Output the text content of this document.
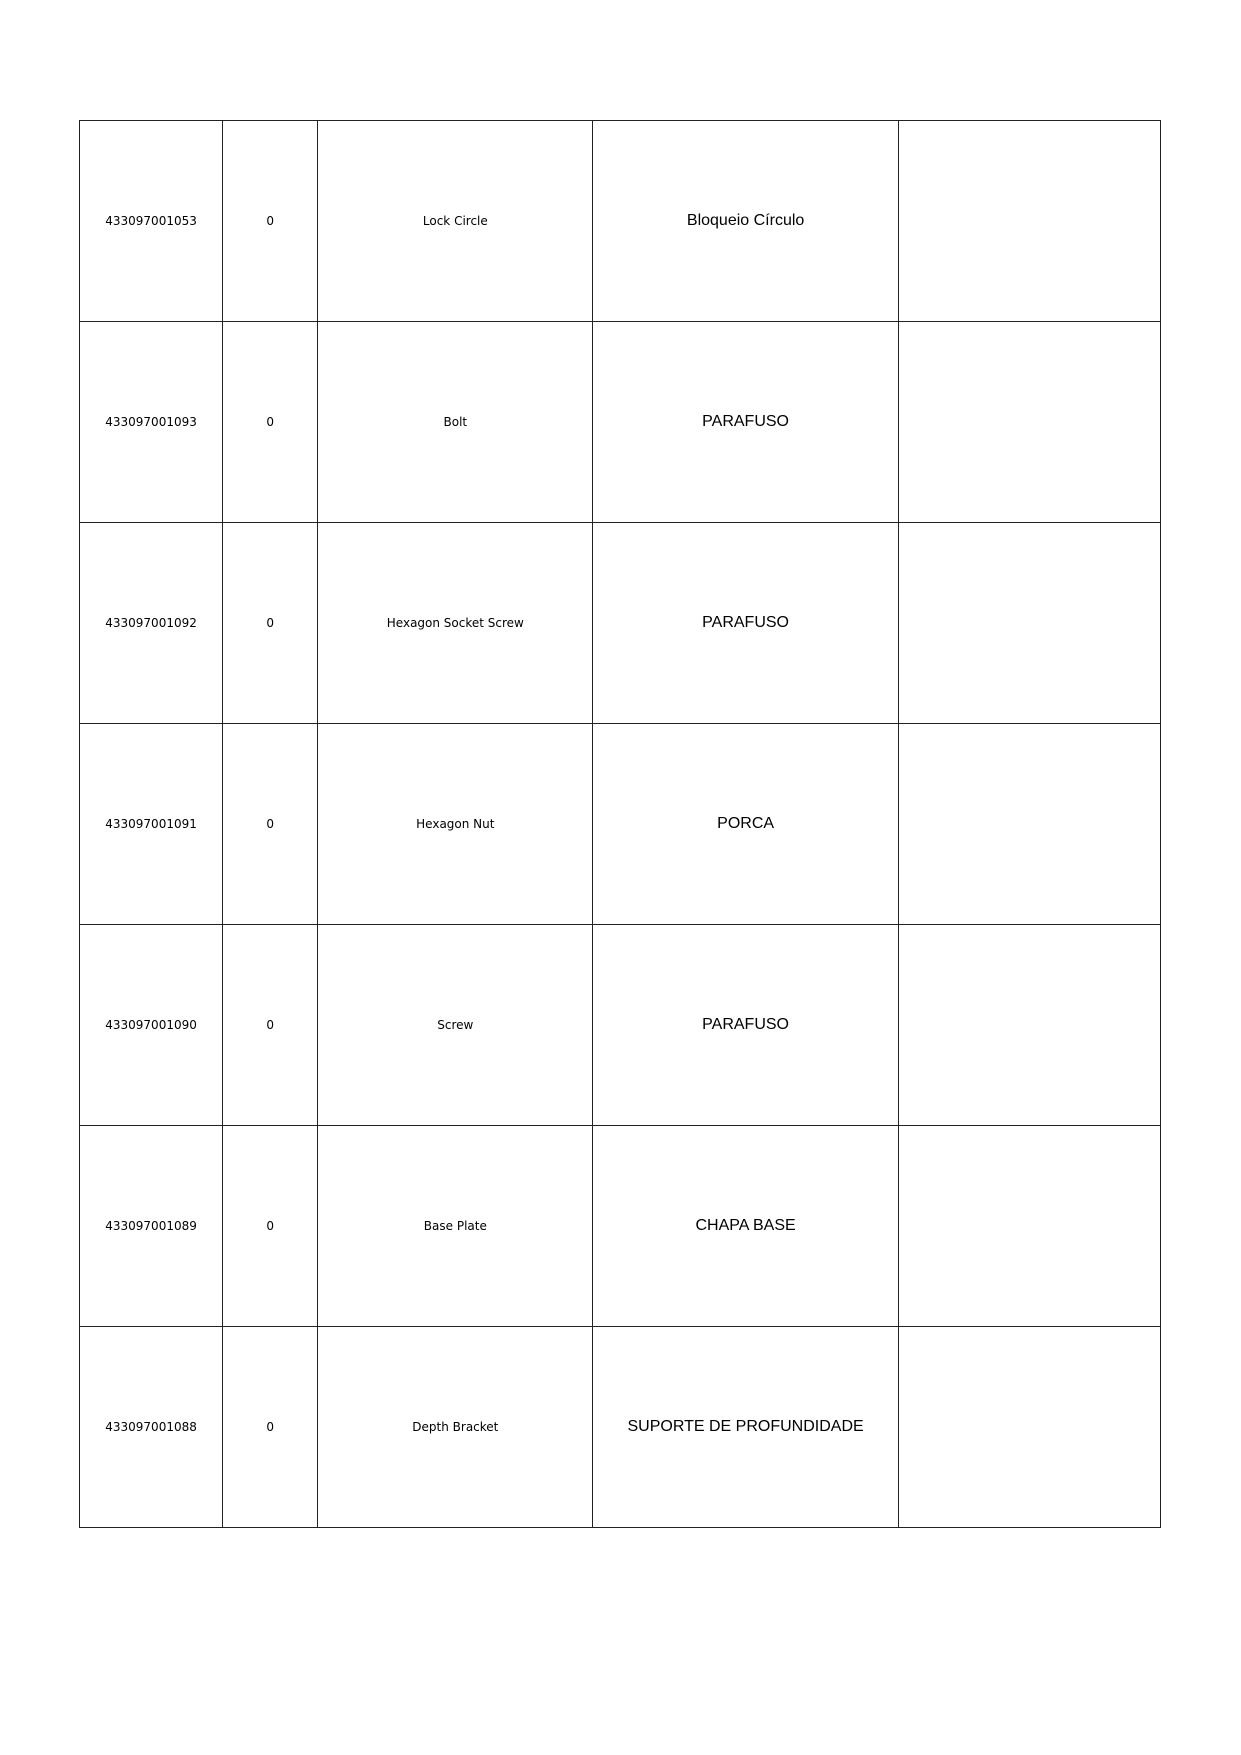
433097001053	0	Lock Circle	Bloqueio Círculo	
433097001093	0	Bolt	PARAFUSO	
433097001092	0	Hexagon Socket Screw	PARAFUSO	
433097001091	0	Hexagon Nut	PORCA	
433097001090	0	Screw	PARAFUSO	
433097001089	0	Base Plate	CHAPA BASE	
433097001088	0	Depth Bracket	SUPORTE DE PROFUNDIDADE	
